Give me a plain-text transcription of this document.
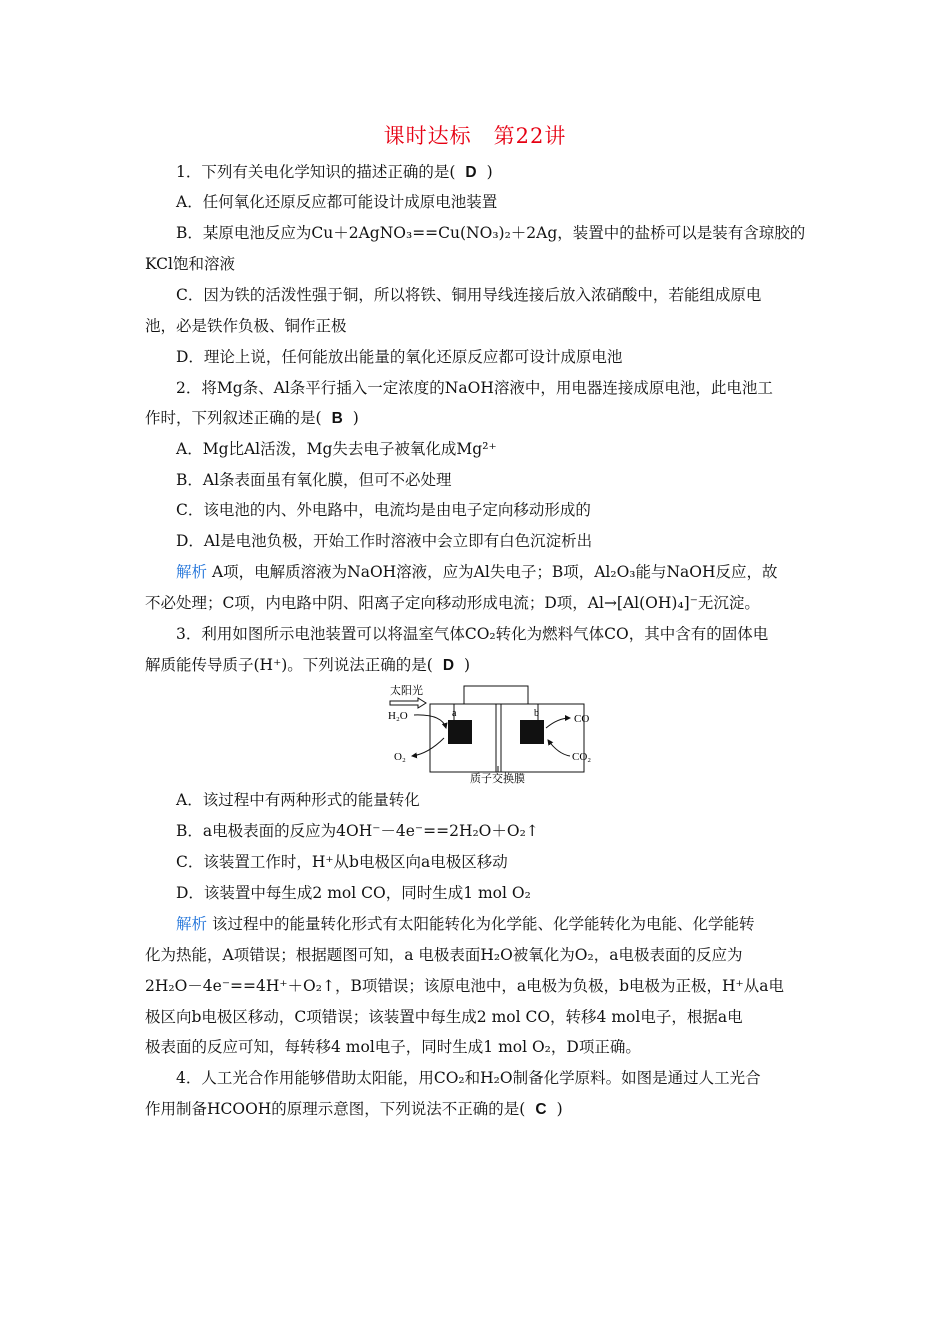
课时达标 第22讲
1．下列有关电化学知识的描述正确的是( D )
A．任何氧化还原反应都可能设计成原电池装置
B．某原电池反应为Cu＋2AgNO₃==Cu(NO₃)₂＋2Ag，装置中的盐桥可以是装有含琼胶的
KCl饱和溶液
C．因为铁的活泼性强于铜，所以将铁、铜用导线连接后放入浓硝酸中，若能组成原电
池，必是铁作负极、铜作正极
D．理论上说，任何能放出能量的氧化还原反应都可设计成原电池
2．将Mg条、Al条平行插入一定浓度的NaOH溶液中，用电器连接成原电池，此电池工
作时，下列叙述正确的是( B )
A．Mg比Al活泼，Mg失去电子被氧化成Mg²⁺
B．Al条表面虽有氧化膜，但可不必处理
C．该电池的内、外电路中，电流均是由电子定向移动形成的
D．Al是电池负极，开始工作时溶液中会立即有白色沉淀析出
解析 A项，电解质溶液为NaOH溶液，应为Al失电子；B项，Al₂O₃能与NaOH反应，故
不必处理；C项，内电路中阴、阳离子定向移动形成电流；D项，Al→[Al(OH)₄]⁻无沉淀。
3．利用如图所示电池装置可以将温室气体CO₂转化为燃料气体CO，其中含有的固体电
解质能传导质子(H⁺)。下列说法正确的是( D )
a	b
太阳光
H₂O
O₂
CO
CO₂
质子交换膜
A．该过程中有两种形式的能量转化
B．a电极表面的反应为4OH⁻－4e⁻==2H₂O＋O₂↑
C．该装置工作时，H⁺从b电极区向a电极区移动
D．该装置中每生成2 mol CO，同时生成1 mol O₂
解析 该过程中的能量转化形式有太阳能转化为化学能、化学能转化为电能、化学能转
化为热能，A项错误；根据题图可知，a 电极表面H₂O被氧化为O₂，a电极表面的反应为
2H₂O－4e⁻==4H⁺＋O₂↑，B项错误；该原电池中，a电极为负极，b电极为正极，H⁺从a电
极区向b电极区移动，C项错误；该装置中每生成2 mol CO，转移4 mol电子，根据a电
极表面的反应可知，每转移4 mol电子，同时生成1 mol O₂，D项正确。
4．人工光合作用能够借助太阳能，用CO₂和H₂O制备化学原料。如图是通过人工光合
作用制备HCOOH的原理示意图，下列说法不正确的是( C )
